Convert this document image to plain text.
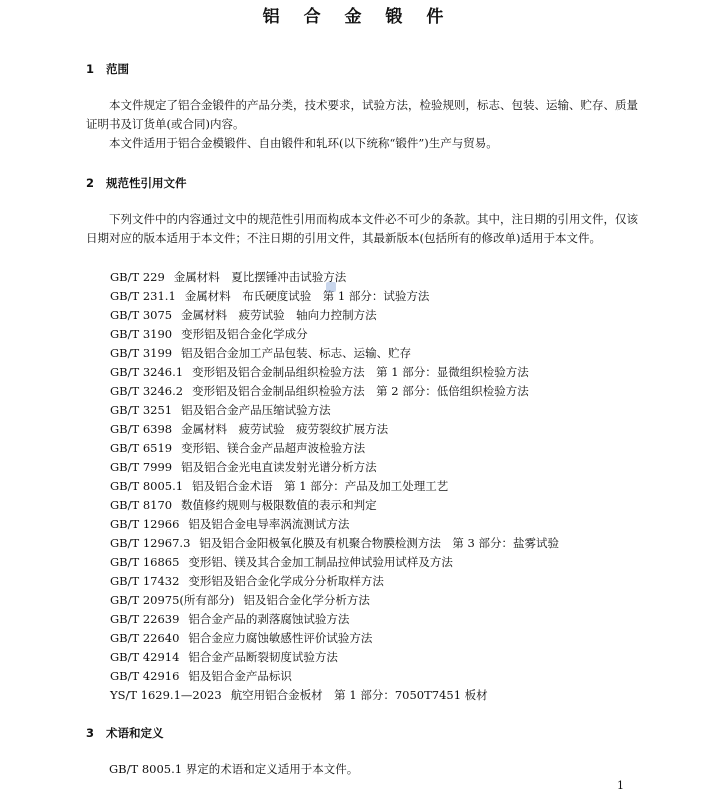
铝 合 金 锻 件
1 范围

本文件规定了铝合金锻件的产品分类，技术要求，试验方法，检验规则，标志、包装、运输、贮存、质量证明书及订货单(或合同)内容。

本文件适用于铝合金模锻件、自由锻件和轧环(以下统称“锻件”)生产与贸易。

2 规范性引用文件

下列文件中的内容通过文中的规范性引用而构成本文件必不可少的条款。其中，注日期的引用文件，仅该日期对应的版本适用于本文件；不注日期的引用文件，其最新版本(包括所有的修改单)适用于本文件。

GB/T 229 金属材料　夏比摆锤冲击试验方法
GB/T 231.1 金属材料　布氏硬度试验　第 1 部分：试验方法
GB/T 3075 金属材料　疲劳试验　轴向力控制方法
GB/T 3190 变形铝及铝合金化学成分
GB/T 3199 铝及铝合金加工产品包装、标志、运输、贮存
GB/T 3246.1 变形铝及铝合金制品组织检验方法　第 1 部分：显微组织检验方法
GB/T 3246.2 变形铝及铝合金制品组织检验方法　第 2 部分：低倍组织检验方法
GB/T 3251 铝及铝合金产品压缩试验方法
GB/T 6398 金属材料　疲劳试验　疲劳裂纹扩展方法
GB/T 6519 变形铝、镁合金产品超声波检验方法
GB/T 7999 铝及铝合金光电直读发射光谱分析方法
GB/T 8005.1 铝及铝合金术语　第 1 部分：产品及加工处理工艺
GB/T 8170 数值修约规则与极限数值的表示和判定
GB/T 12966 铝及铝合金电导率涡流测试方法
GB/T 12967.3 铝及铝合金阳极氧化膜及有机聚合物膜检测方法　第 3 部分：盐雾试验
GB/T 16865 变形铝、镁及其合金加工制品拉伸试验用试样及方法
GB/T 17432 变形铝及铝合金化学成分分析取样方法
GB/T 20975(所有部分) 铝及铝合金化学分析方法
GB/T 22639 铝合金产品的剥落腐蚀试验方法
GB/T 22640 铝合金应力腐蚀敏感性评价试验方法
GB/T 42914 铝合金产品断裂韧度试验方法
GB/T 42916 铝及铝合金产品标识
YS/T 1629.1—2023 航空用铝合金板材　第 1 部分：7050T7451 板材
3 术语和定义

GB/T 8005.1 界定的术语和定义适用于本文件。

1
